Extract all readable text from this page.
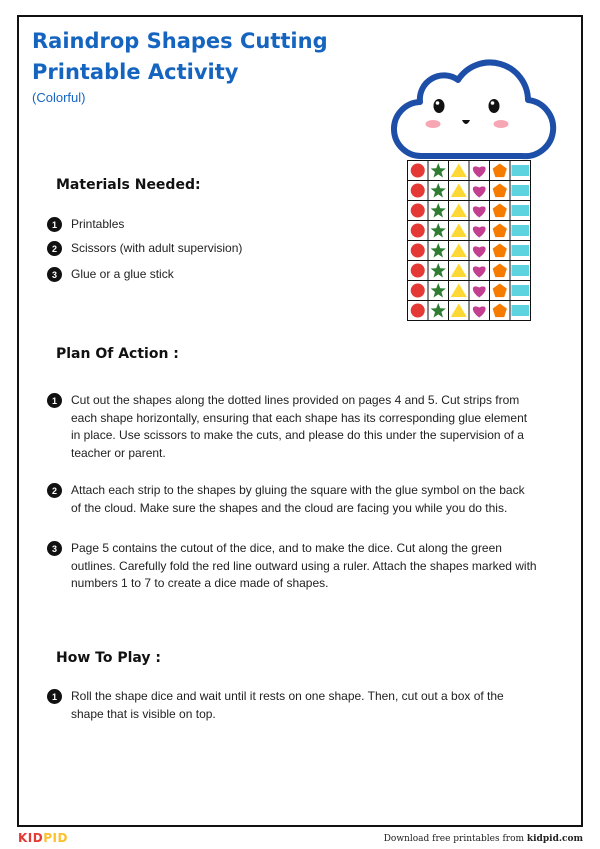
Raindrop Shapes Cutting
Printable Activity

(Colorful)

Materials Needed:
1	Printables
2	Scissors (with adult supervision)
3	Glue or a glue stick
Plan Of Action :
1	Cut out the shapes along the dotted lines provided on pages 4 and 5. Cut strips from each shape horizontally, ensuring that each shape has its corresponding glue element in place. Use scissors to make the cuts, and please do this under the supervision of a teacher or parent.
2	Attach each strip to the shapes by gluing the square with the glue symbol on the back of the cloud. Make sure the shapes and the cloud are facing you while you do this.
3	Page 5 contains the cutout of the dice, and to make the dice. Cut along the green outlines. Carefully fold the red line outward using a ruler. Attach the shapes marked with numbers 1 to 7 to create a dice made of shapes.
How To Play :
1	Roll the shape dice and wait until it rests on one shape. Then, cut out a box of the shape that is visible on top.
KIDPID	Download free printables from kidpid.com
